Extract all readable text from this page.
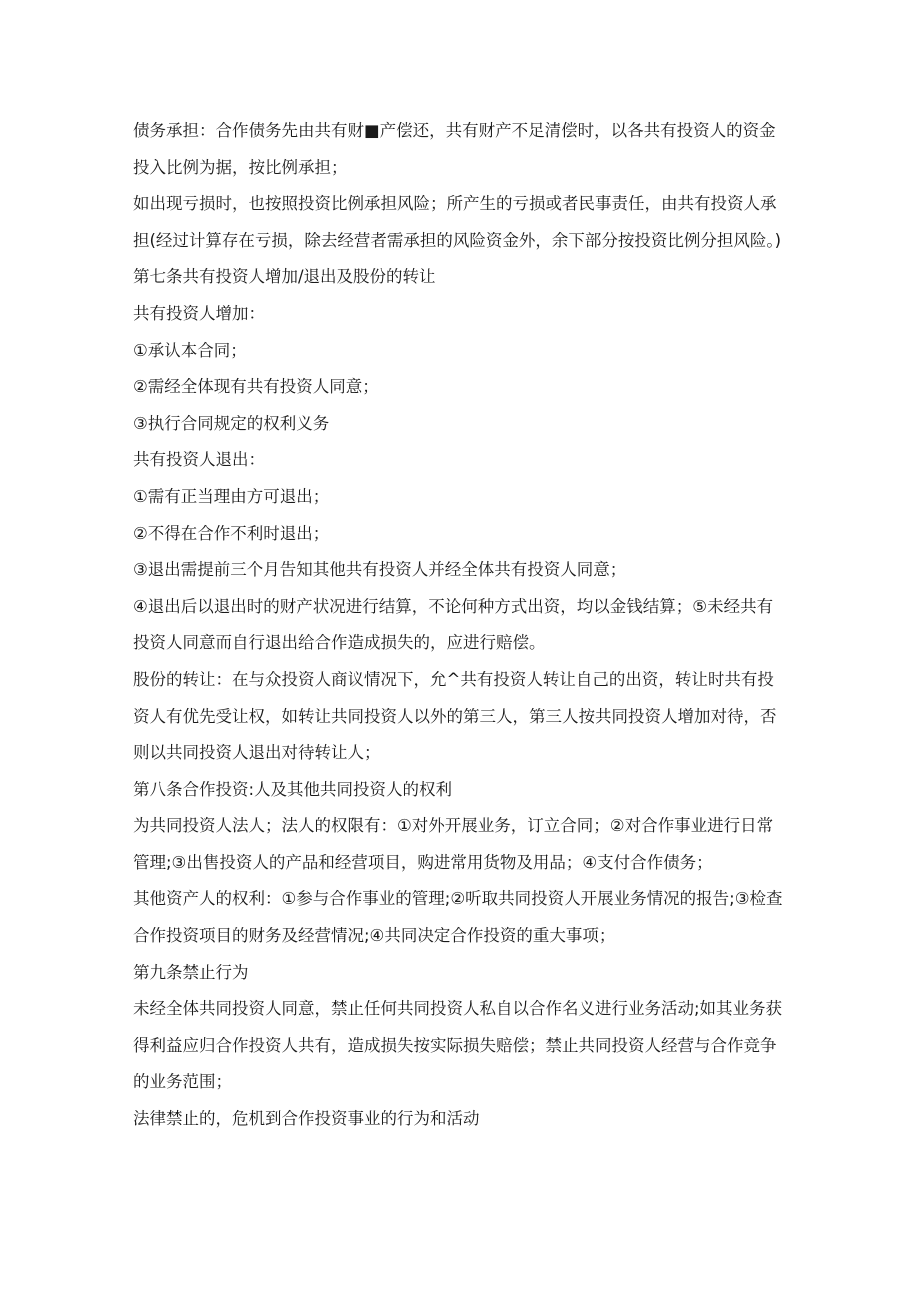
债务承担：合作债务先由共有财■产偿还，共有财产不足清偿时，以各共有投资人的资金投入比例为据，按比例承担；

如出现亏损时，也按照投资比例承担风险；所产生的亏损或者民事责任，由共有投资人承担(经过计算存在亏损，除去经营者需承担的风险资金外，余下部分按投资比例分担风险。)

第七条共有投资人增加/退出及股份的转让

共有投资人增加：

①承认本合同；

②需经全体现有共有投资人同意；

③执行合同规定的权利义务

共有投资人退出：

①需有正当理由方可退出；

②不得在合作不利时退出；

③退出需提前三个月告知其他共有投资人并经全体共有投资人同意；

④退出后以退出时的财产状况进行结算，不论何种方式出资，均以金钱结算；⑤未经共有投资人同意而自行退出给合作造成损失的，应进行赔偿。

股份的转让：在与众投资人商议情况下，允^共有投资人转让自己的出资，转让时共有投资人有优先受让权，如转让共同投资人以外的第三人，第三人按共同投资人增加对待，否则以共同投资人退出对待转让人；

第八条合作投资:人及其他共同投资人的权利

为共同投资人法人；法人的权限有：①对外开展业务，订立合同；②对合作事业进行日常管理;③出售投资人的产品和经营项目，购进常用货物及用品；④支付合作债务；

其他资产人的权利：①参与合作事业的管理;②听取共同投资人开展业务情况的报告;③检查合作投资项目的财务及经营情况;④共同决定合作投资的重大事项；

第九条禁止行为

未经全体共同投资人同意，禁止任何共同投资人私自以合作名义进行业务活动;如其业务获得利益应归合作投资人共有，造成损失按实际损失赔偿；禁止共同投资人经营与合作竞争的业务范围；

法律禁止的，危机到合作投资事业的行为和活动
